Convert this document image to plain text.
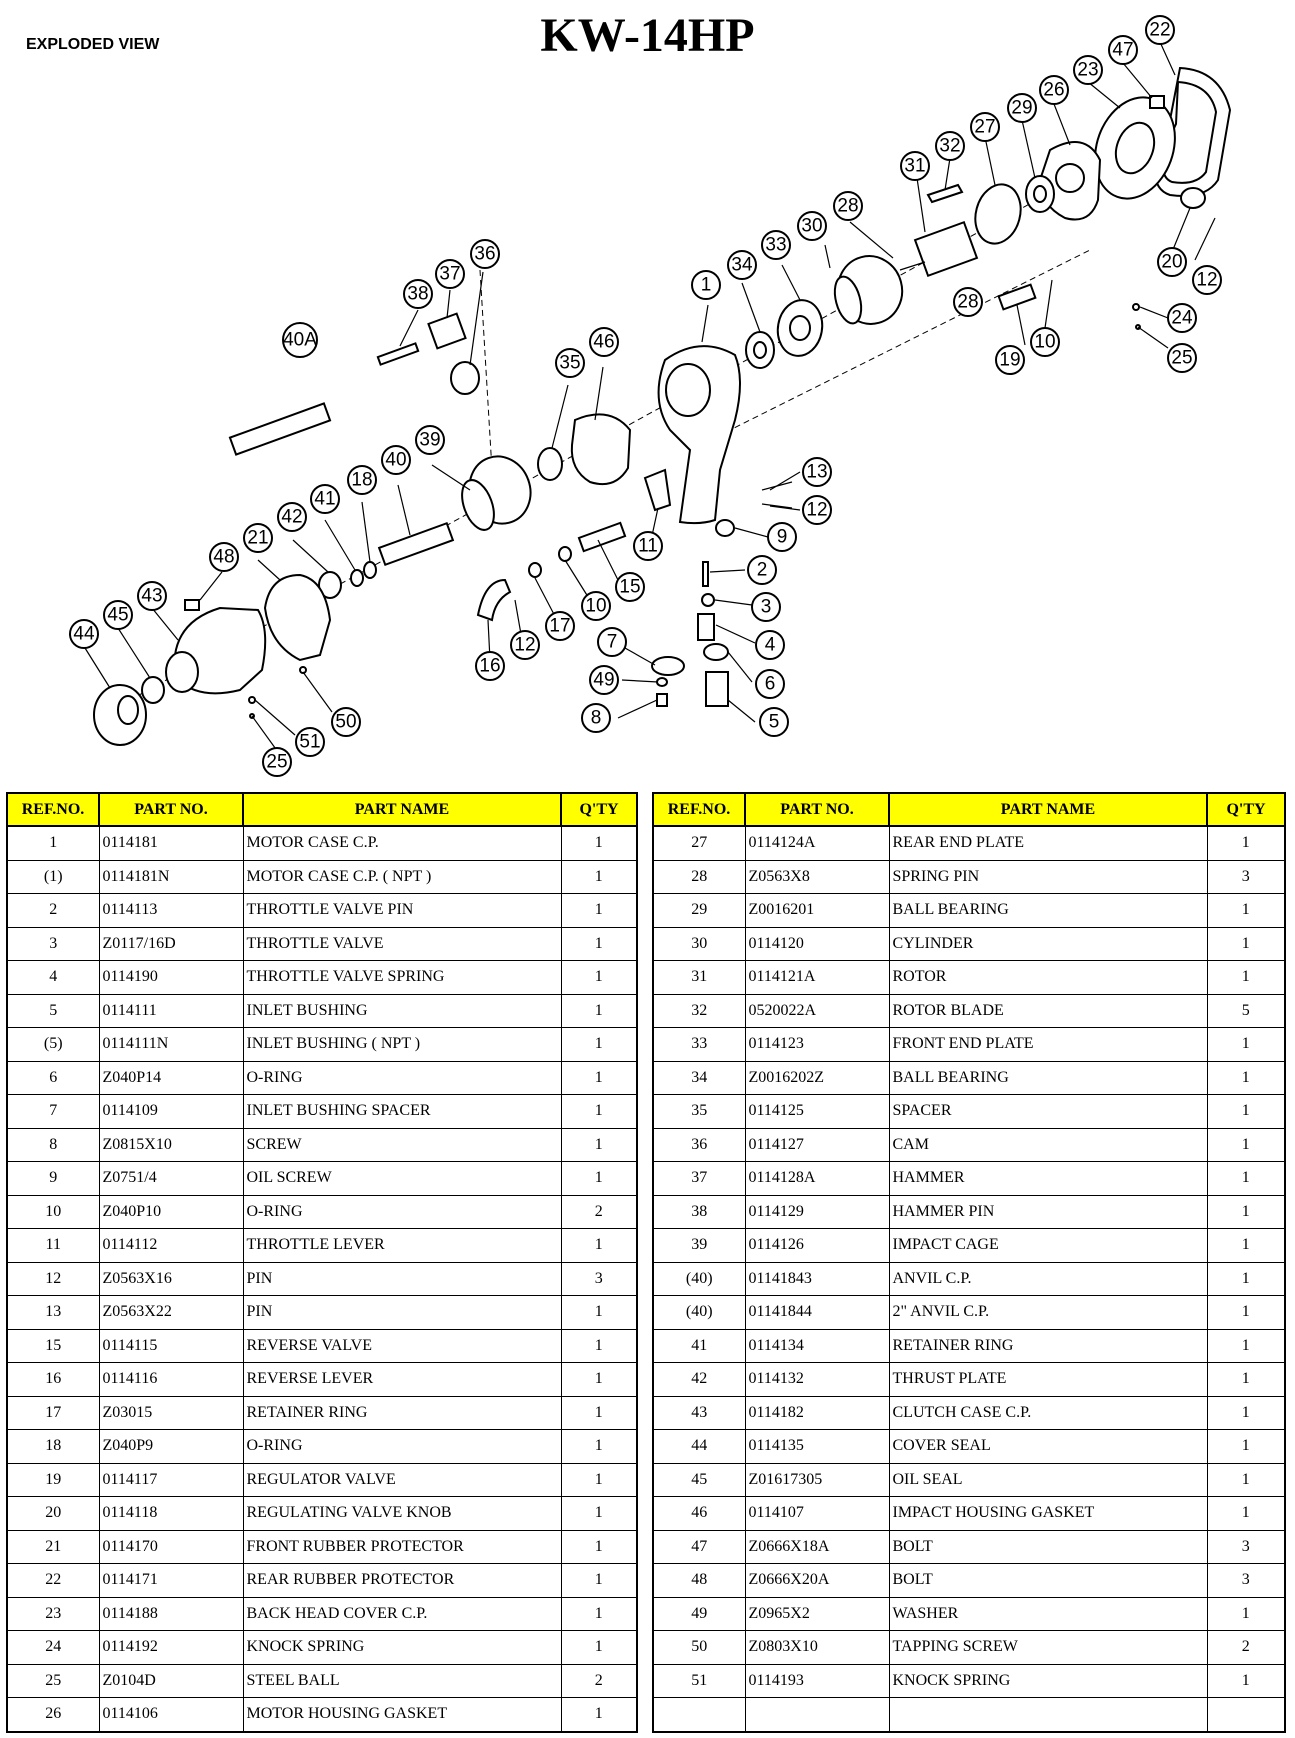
EXPLODED VIEW	KW-14HP	22
47
23
26
29
27
32
31
28
30
33
34
1
20
12
24
25
28
19
10
36
37
38
40A
35
46
39
40
18
41
42
21
48
43
45
44
13
12
9
11
2
15
10
17
3
12
16
4
7
49	6
8	5
50
51
25
REF.NO.	PART NO.	PART NAME	Q'TY
1	0114181	MOTOR CASE C.P.	1
(1)	0114181N	MOTOR CASE C.P. ( NPT )	1
2	0114113	THROTTLE VALVE PIN	1
3	Z0117/16D	THROTTLE VALVE	1
4	0114190	THROTTLE VALVE SPRING	1
5	0114111	INLET BUSHING	1
(5)	0114111N	INLET BUSHING ( NPT )	1
6	Z040P14	O-RING	1
7	0114109	INLET BUSHING SPACER	1
8	Z0815X10	SCREW	1
9	Z0751/4	OIL SCREW	1
10	Z040P10	O-RING	2
11	0114112	THROTTLE LEVER	1
12	Z0563X16	PIN	3
13	Z0563X22	PIN	1
15	0114115	REVERSE VALVE	1
16	0114116	REVERSE LEVER	1
17	Z03015	RETAINER RING	1
18	Z040P9	O-RING	1
19	0114117	REGULATOR VALVE	1
20	0114118	REGULATING VALVE KNOB	1
21	0114170	FRONT RUBBER PROTECTOR	1
22	0114171	REAR RUBBER PROTECTOR	1
23	0114188	BACK HEAD COVER C.P.	1
24	0114192	KNOCK SPRING	1
25	Z0104D	STEEL BALL	2
26	0114106	MOTOR HOUSING GASKET	1
REF.NO.	PART NO.	PART NAME	Q'TY
27	0114124A	REAR END PLATE	1
28	Z0563X8	SPRING PIN	3
29	Z0016201	BALL BEARING	1
30	0114120	CYLINDER	1
31	0114121A	ROTOR	1
32	0520022A	ROTOR BLADE	5
33	0114123	FRONT END PLATE	1
34	Z0016202Z	BALL BEARING	1
35	0114125	SPACER	1
36	0114127	CAM	1
37	0114128A	HAMMER	1
38	0114129	HAMMER PIN	1
39	0114126	IMPACT CAGE	1
(40)	01141843	ANVIL C.P.	1
(40)	01141844	2" ANVIL C.P.	1
41	0114134	RETAINER RING	1
42	0114132	THRUST PLATE	1
43	0114182	CLUTCH CASE C.P.	1
44	0114135	COVER SEAL	1
45	Z01617305	OIL SEAL	1
46	0114107	IMPACT HOUSING GASKET	1
47	Z0666X18A	BOLT	3
48	Z0666X20A	BOLT	3
49	Z0965X2	WASHER	1
50	Z0803X10	TAPPING SCREW	2
51	0114193	KNOCK SPRING	1
